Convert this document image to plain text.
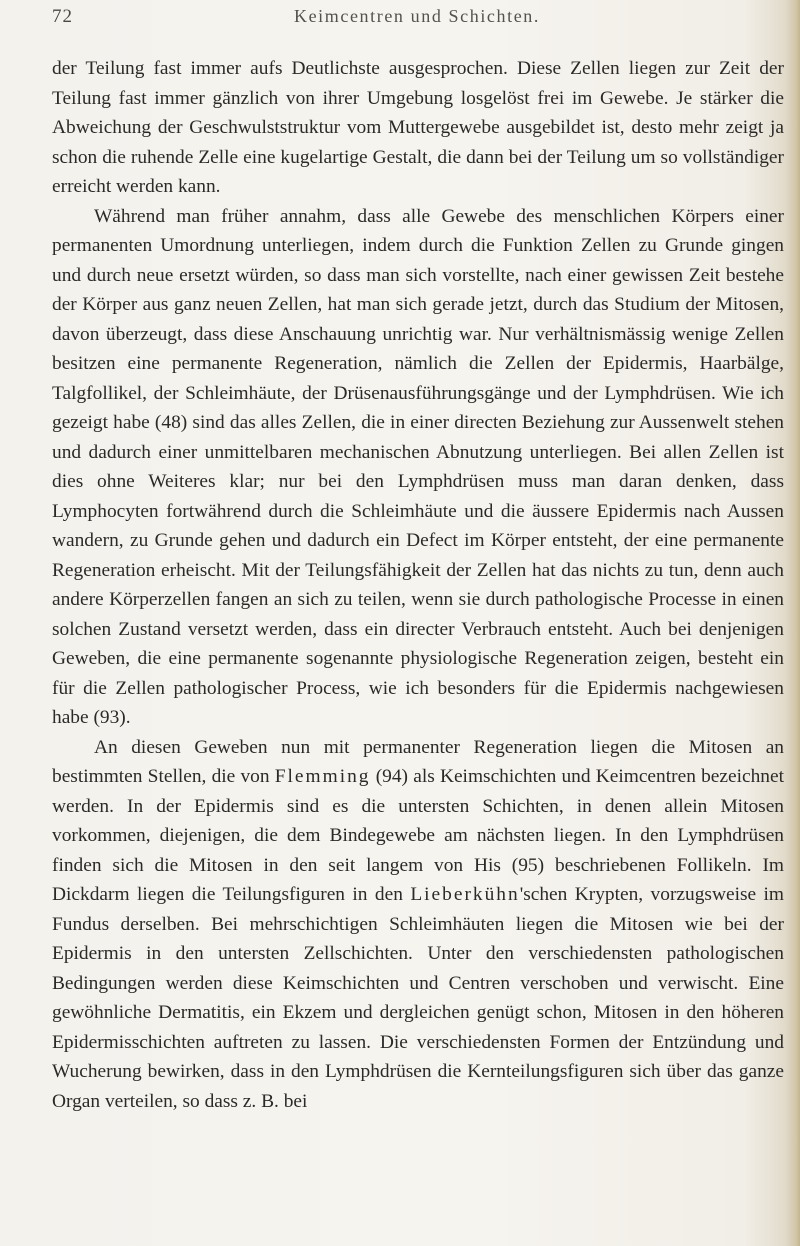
72	Keimcentren und Schichten.

der Teilung fast immer aufs Deutlichste ausgesprochen. Diese Zellen liegen zur Zeit der Teilung fast immer gänzlich von ihrer Umgebung losgelöst frei im Gewebe. Je stärker die Abweichung der Geschwulststruktur vom Muttergewebe ausgebildet ist, desto mehr zeigt ja schon die ruhende Zelle eine kugelartige Gestalt, die dann bei der Teilung um so vollständiger erreicht werden kann.

Während man früher annahm, dass alle Gewebe des menschlichen Körpers einer permanenten Umordnung unterliegen, indem durch die Funktion Zellen zu Grunde gingen und durch neue ersetzt würden, so dass man sich vorstellte, nach einer gewissen Zeit bestehe der Körper aus ganz neuen Zellen, hat man sich gerade jetzt, durch das Studium der Mitosen, davon überzeugt, dass diese Anschauung unrichtig war. Nur verhältnismässig wenige Zellen besitzen eine permanente Regeneration, nämlich die Zellen der Epidermis, Haarbälge, Talgfollikel, der Schleimhäute, der Drüsenausführungsgänge und der Lymphdrüsen. Wie ich gezeigt habe (48) sind das alles Zellen, die in einer directen Beziehung zur Aussenwelt stehen und dadurch einer unmittelbaren mechanischen Abnutzung unterliegen. Bei allen Zellen ist dies ohne Weiteres klar; nur bei den Lymphdrüsen muss man daran denken, dass Lymphocyten fortwährend durch die Schleimhäute und die äussere Epidermis nach Aussen wandern, zu Grunde gehen und dadurch ein Defect im Körper entsteht, der eine permanente Regeneration erheischt. Mit der Teilungsfähigkeit der Zellen hat das nichts zu tun, denn auch andere Körperzellen fangen an sich zu teilen, wenn sie durch pathologische Processe in einen solchen Zustand versetzt werden, dass ein directer Verbrauch entsteht. Auch bei denjenigen Geweben, die eine permanente sogenannte physiologische Regeneration zeigen, besteht ein für die Zellen pathologischer Process, wie ich besonders für die Epidermis nachgewiesen habe (93).

An diesen Geweben nun mit permanenter Regeneration liegen die Mitosen an bestimmten Stellen, die von Flemming (94) als Keimschichten und Keimcentren bezeichnet werden. In der Epidermis sind es die untersten Schichten, in denen allein Mitosen vorkommen, diejenigen, die dem Bindegewebe am nächsten liegen. In den Lymphdrüsen finden sich die Mitosen in den seit langem von His (95) beschriebenen Follikeln. Im Dickdarm liegen die Teilungsfiguren in den Lieberkühn'schen Krypten, vorzugsweise im Fundus derselben. Bei mehrschichtigen Schleimhäuten liegen die Mitosen wie bei der Epidermis in den untersten Zellschichten. Unter den verschiedensten pathologischen Bedingungen werden diese Keimschichten und Centren verschoben und verwischt. Eine gewöhnliche Dermatitis, ein Ekzem und dergleichen genügt schon, Mitosen in den höheren Epidermisschichten auftreten zu lassen. Die verschiedensten Formen der Entzündung und Wucherung bewirken, dass in den Lymphdrüsen die Kernteilungsfiguren sich über das ganze Organ verteilen, so dass z. B. bei
